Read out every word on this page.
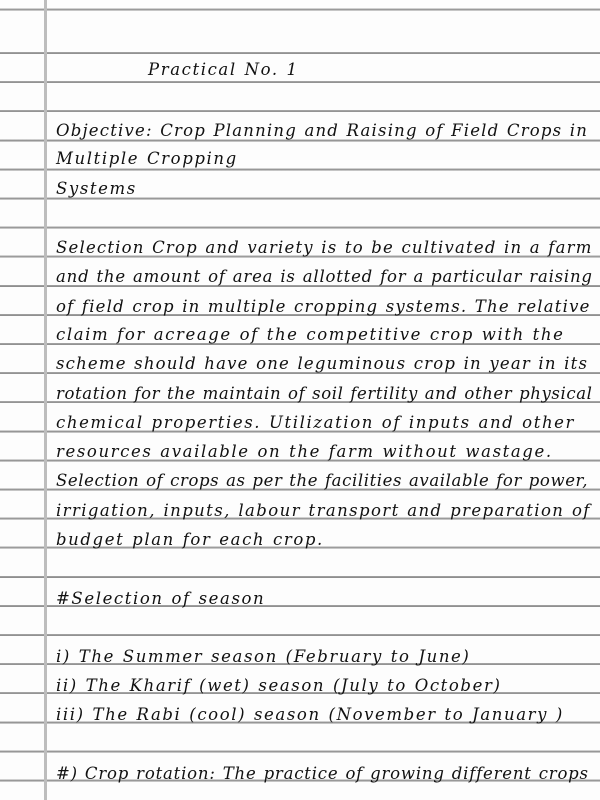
Practical No. 1
Objective: Crop Planning and Raising of Field Crops in
Multiple Cropping
Systems
Selection Crop and variety is to be cultivated in a farm
and the amount of area is allotted for a particular raising
of field crop in multiple cropping systems. The relative
claim for acreage of the competitive crop with the
scheme should have one leguminous crop in year in its
rotation for the maintain of soil fertility and other physical
chemical properties. Utilization of inputs and other
resources available on the farm without wastage.
Selection of crops as per the facilities available for power,
irrigation, inputs, labour transport and preparation of
budget plan for each crop.
#Selection of season
i) The Summer season (February to June)
ii) The Kharif (wet) season (July to October)
iii) The Rabi (cool) season (November to January )
#) Crop rotation: The practice of growing different crops
